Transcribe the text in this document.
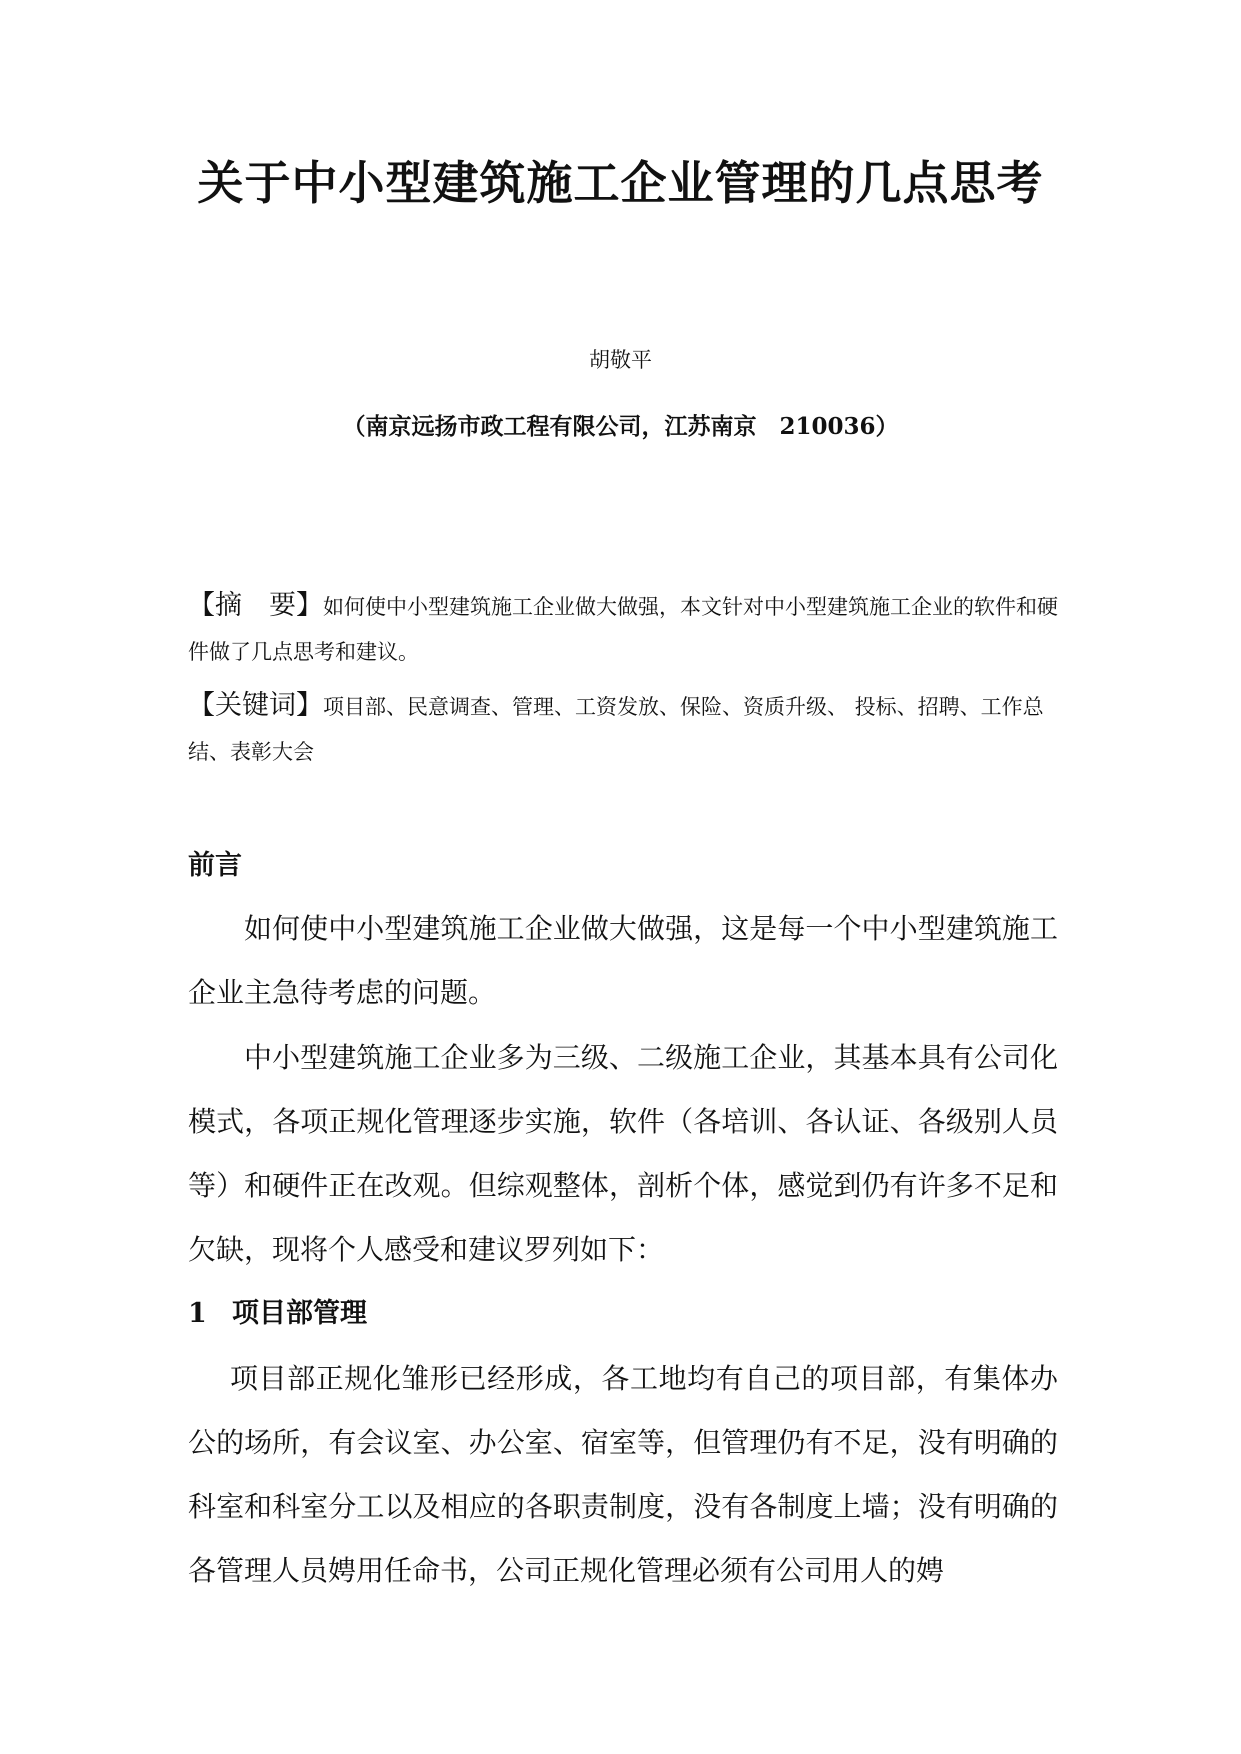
关于中小型建筑施工企业管理的几点思考
胡敬平
（南京远扬市政工程有限公司，江苏南京　210036）
【摘　要】如何使中小型建筑施工企业做大做强，本文针对中小型建筑施工企业的软件和硬件做了几点思考和建议。
【关键词】项目部、民意调查、管理、工资发放、保险、资质升级、 投标、招聘、工作总结、表彰大会
前言

如何使中小型建筑施工企业做大做强，这是每一个中小型建筑施工企业主急待考虑的问题。

中小型建筑施工企业多为三级、二级施工企业，其基本具有公司化模式，各项正规化管理逐步实施，软件（各培训、各认证、各级别人员等）和硬件正在改观。但综观整体，剖析个体，感觉到仍有许多不足和欠缺，现将个人感受和建议罗列如下：

1 项目部管理

项目部正规化雏形已经形成，各工地均有自己的项目部，有集体办公的场所，有会议室、办公室、宿室等，但管理仍有不足，没有明确的科室和科室分工以及相应的各职责制度，没有各制度上墙；没有明确的各管理人员娉用任命书，公司正规化管理必须有公司用人的娉
